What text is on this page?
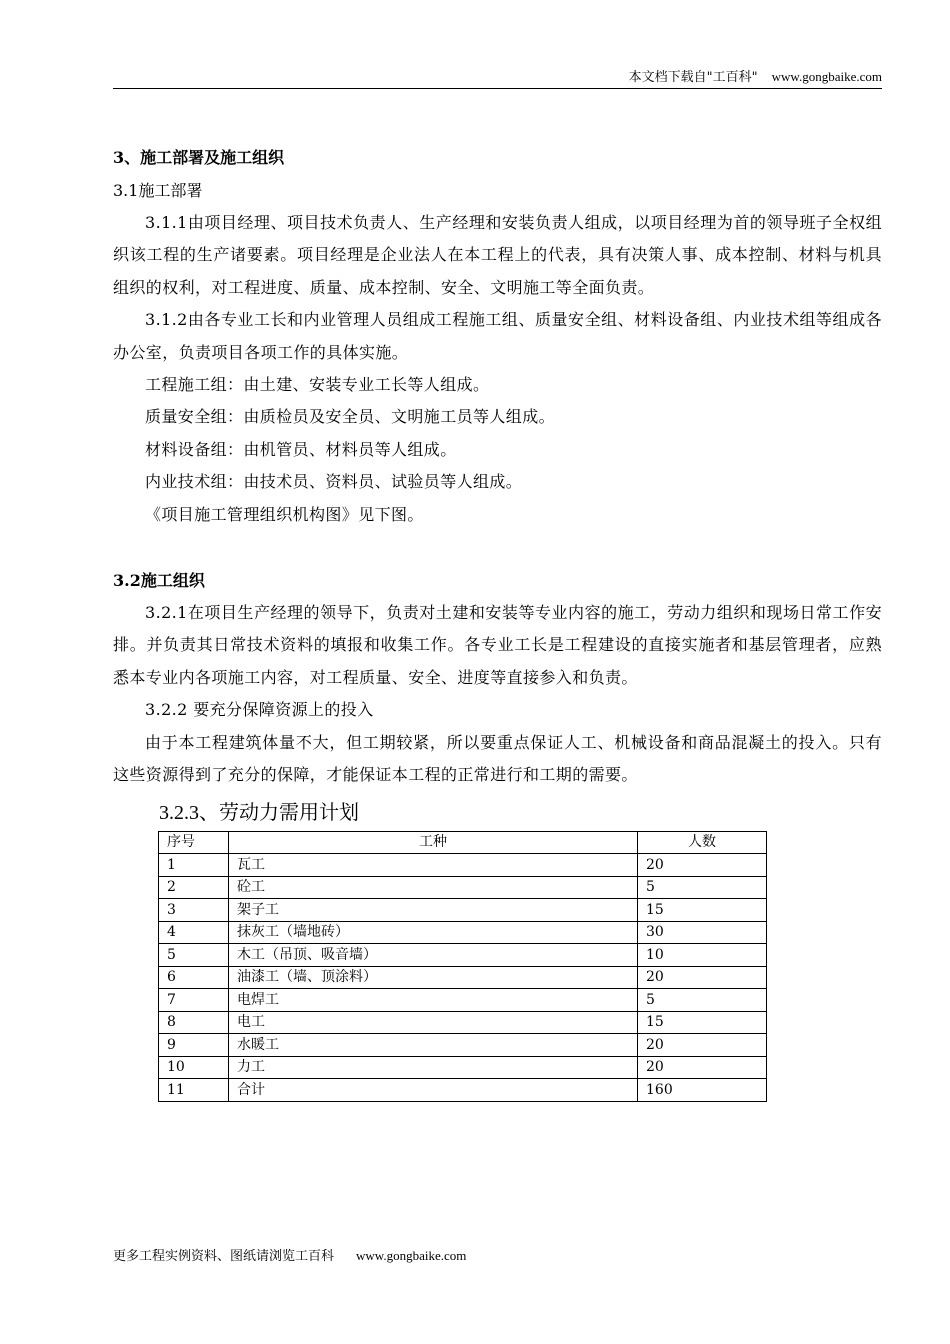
本文档下载自"工百科" www.gongbaike.com

3、施工部署及施工组织

3.1施工部署

3.1.1由项目经理、项目技术负责人、生产经理和安装负责人组成，以项目经理为首的领导班子全权组织该工程的生产诸要素。项目经理是企业法人在本工程上的代表，具有决策人事、成本控制、材料与机具组织的权利，对工程进度、质量、成本控制、安全、文明施工等全面负责。

3.1.2由各专业工长和内业管理人员组成工程施工组、质量安全组、材料设备组、内业技术组等组成各办公室，负责项目各项工作的具体实施。

工程施工组：由土建、安装专业工长等人组成。

质量安全组：由质检员及安全员、文明施工员等人组成。

材料设备组：由机管员、材料员等人组成。

内业技术组：由技术员、资料员、试验员等人组成。

《项目施工管理组织机构图》见下图。

3.2施工组织

3.2.1在项目生产经理的领导下，负责对土建和安装等专业内容的施工，劳动力组织和现场日常工作安排。并负责其日常技术资料的填报和收集工作。各专业工长是工程建设的直接实施者和基层管理者，应熟悉本专业内各项施工内容，对工程质量、安全、进度等直接参入和负责。

3.2.2 要充分保障资源上的投入

由于本工程建筑体量不大，但工期较紧，所以要重点保证人工、机械设备和商品混凝土的投入。只有这些资源得到了充分的保障，才能保证本工程的正常进行和工期的需要。

3.2.3、劳动力需用计划

序号	工种	人数
1	瓦工	20
2	砼工	5
3	架子工	15
4	抹灰工（墙地砖）	30
5	木工（吊顶、吸音墙）	10
6	油漆工（墙、顶涂料）	20
7	电焊工	5
8	电工	15
9	水暖工	20
10	力工	20
11	合计	160
更多工程实例资料、图纸请浏览工百科 www.gongbaike.com
